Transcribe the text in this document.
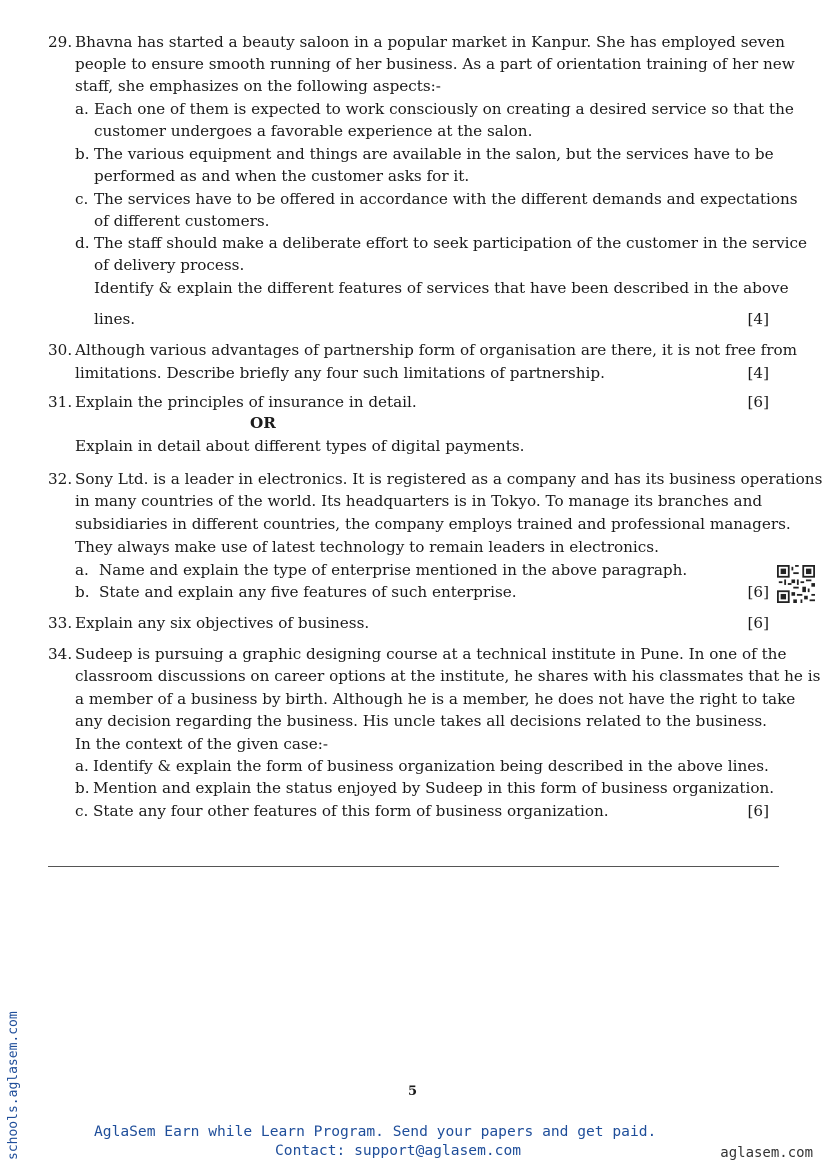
29. Bhavna has started a beauty saloon in a popular market in Kanpur. She has employed seven
people to ensure smooth running of her business. As a part of orientation training of her new
staff, she emphasizes on the following aspects:-
a. Each one of them is expected to work consciously on creating a desired service so that the
customer undergoes a favorable experience at the salon.
b. The various equipment and things are available in the salon, but the services have to be
performed as and when the customer asks for it.
c. The services have to be offered in accordance with the different demands and expectations
of different customers.
d. The staff should make a deliberate effort to seek participation of the customer in the service
of delivery process.
Identify & explain the different features of services that have been described in the above
lines.	[4]
30. Although various advantages of partnership form of organisation are there, it is not free from
limitations. Describe briefly any four such limitations of partnership.	[4]
31. Explain the principles of insurance in detail.	[6]
OR
Explain in detail about different types of digital payments.
32. Sony Ltd. is a leader in electronics. It is registered as a company and has its business operations
in many countries of the world. Its headquarters is in Tokyo. To manage its branches and
subsidiaries in different countries, the company employs trained and professional managers.
They always make use of latest technology to remain leaders in electronics.
a. Name and explain the type of enterprise mentioned in the above paragraph.
b. State and explain any five features of such enterprise.	[6]
33. Explain any six objectives of business.	[6]
34. Sudeep is pursuing a graphic designing course at a technical institute in Pune. In one of the
classroom discussions on career options at the institute, he shares with his classmates that he is
a member of a business by birth. Although he is a member, he does not have the right to take
any decision regarding the business. His uncle takes all decisions related to the business.
In the context of the given case:-
a. Identify & explain the form of business organization being described in the above lines.
b. Mention and explain the status enjoyed by Sudeep in this form of business organization.
c. State any four other features of this form of business organization.	[6]
5
AglaSem Earn while Learn Program. Send your papers and get paid.
Contact: support@aglasem.com	aglasem.com
schools.aglasem.com
